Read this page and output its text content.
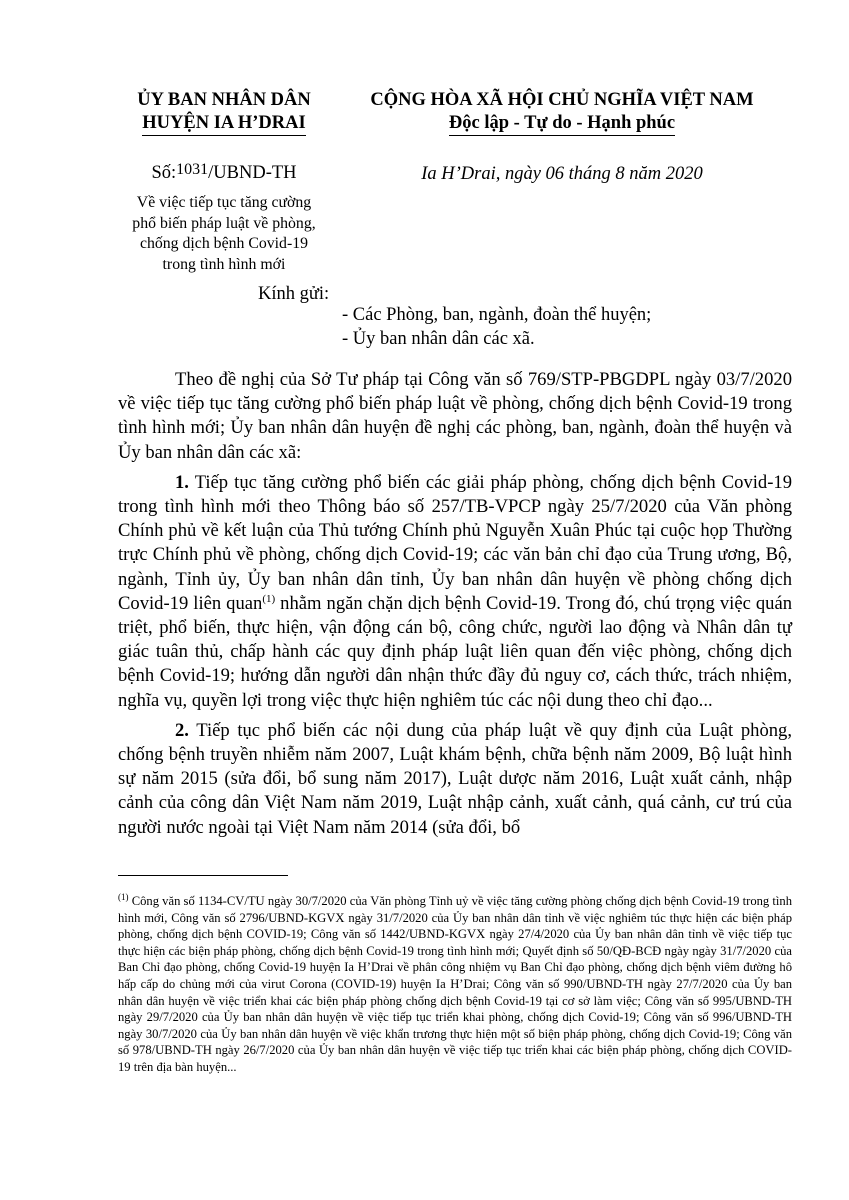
ỦY BAN NHÂN DÂN
HUYỆN IA H’DRAI
Số:1031/UBND-TH
Về việc tiếp tục tăng cường
phổ biến pháp luật về phòng,
chống dịch bệnh Covid-19
trong tình hình mới
CỘNG HÒA XÃ HỘI CHỦ NGHĨA VIỆT NAM
Độc lập - Tự do - Hạnh phúc
Ia H’Drai, ngày 06 tháng 8 năm 2020
Kính gửi:
- Các Phòng, ban, ngành, đoàn thể huyện;
- Ủy ban nhân dân các xã.

Theo đề nghị của Sở Tư pháp tại Công văn số 769/STP-PBGDPL ngày 03/7/2020 về việc tiếp tục tăng cường phổ biến pháp luật về phòng, chống dịch bệnh Covid-19 trong tình hình mới; Ủy ban nhân dân huyện đề nghị các phòng, ban, ngành, đoàn thể huyện và Ủy ban nhân dân các xã:

1. Tiếp tục tăng cường phổ biến các giải pháp phòng, chống dịch bệnh Covid-19 trong tình hình mới theo Thông báo số 257/TB-VPCP ngày 25/7/2020 của Văn phòng Chính phủ về kết luận của Thủ tướng Chính phủ Nguyễn Xuân Phúc tại cuộc họp Thường trực Chính phủ về phòng, chống dịch Covid-19; các văn bản chỉ đạo của Trung ương, Bộ, ngành, Tỉnh ủy, Ủy ban nhân dân tỉnh, Ủy ban nhân dân huyện về phòng chống dịch Covid-19 liên quan$^{(1)}$ nhằm ngăn chặn dịch bệnh Covid-19. Trong đó, chú trọng việc quán triệt, phổ biến, thực hiện, vận động cán bộ, công chức, người lao động và Nhân dân tự giác tuân thủ, chấp hành các quy định pháp luật liên quan đến việc phòng, chống dịch bệnh Covid-19; hướng dẫn người dân nhận thức đầy đủ nguy cơ, cách thức, trách nhiệm, nghĩa vụ, quyền lợi trong việc thực hiện nghiêm túc các nội dung theo chỉ đạo...

2. Tiếp tục phổ biến các nội dung của pháp luật về quy định của Luật phòng, chống bệnh truyền nhiễm năm 2007, Luật khám bệnh, chữa bệnh năm 2009, Bộ luật hình sự năm 2015 (sửa đổi, bổ sung năm 2017), Luật dược năm 2016, Luật xuất cảnh, nhập cảnh của công dân Việt Nam năm 2019, Luật nhập cảnh, xuất cảnh, quá cảnh, cư trú của người nước ngoài tại Việt Nam năm 2014 (sửa đổi, bổ

$^{(1)}$ Công văn số 1134-CV/TU ngày 30/7/2020 của Văn phòng Tỉnh uỷ về việc tăng cường phòng chống dịch bệnh Covid-19 trong tình hình mới, Công văn số 2796/UBND-KGVX ngày 31/7/2020 của Ủy ban nhân dân tỉnh về việc nghiêm túc thực hiện các biện pháp phòng, chống dịch bệnh COVID-19; Công văn số 1442/UBND-KGVX ngày 27/4/2020 của Ủy ban nhân dân tỉnh về việc tiếp tục thực hiện các biện pháp phòng, chống dịch bệnh Covid-19 trong tình hình mới; Quyết định số 50/QĐ-BCĐ ngày ngày 31/7/2020 của Ban Chỉ đạo phòng, chống Covid-19 huyện Ia H’Drai về phân công nhiệm vụ Ban Chỉ đạo phòng, chống dịch bệnh viêm đường hô hấp cấp do chủng mới của virut Corona (COVID-19) huyện Ia H’Drai; Công văn số 990/UBND-TH ngày 27/7/2020 của Ủy ban nhân dân huyện về việc triển khai các biện pháp phòng chống dịch bệnh Covid-19 tại cơ sở làm việc; Công văn số 995/UBND-TH ngày 29/7/2020 của Ủy ban nhân dân huyện về việc tiếp tục triển khai phòng, chống dịch Covid-19; Công văn số 996/UBND-TH ngày 30/7/2020 của Ủy ban nhân dân huyện về việc khẩn trương thực hiện một số biện pháp phòng, chống dịch Covid-19; Công văn số 978/UBND-TH ngày 26/7/2020 của Ủy ban nhân dân huyện về việc tiếp tục triển khai các biện pháp phòng, chống dịch COVID-19 trên địa bàn huyện...
